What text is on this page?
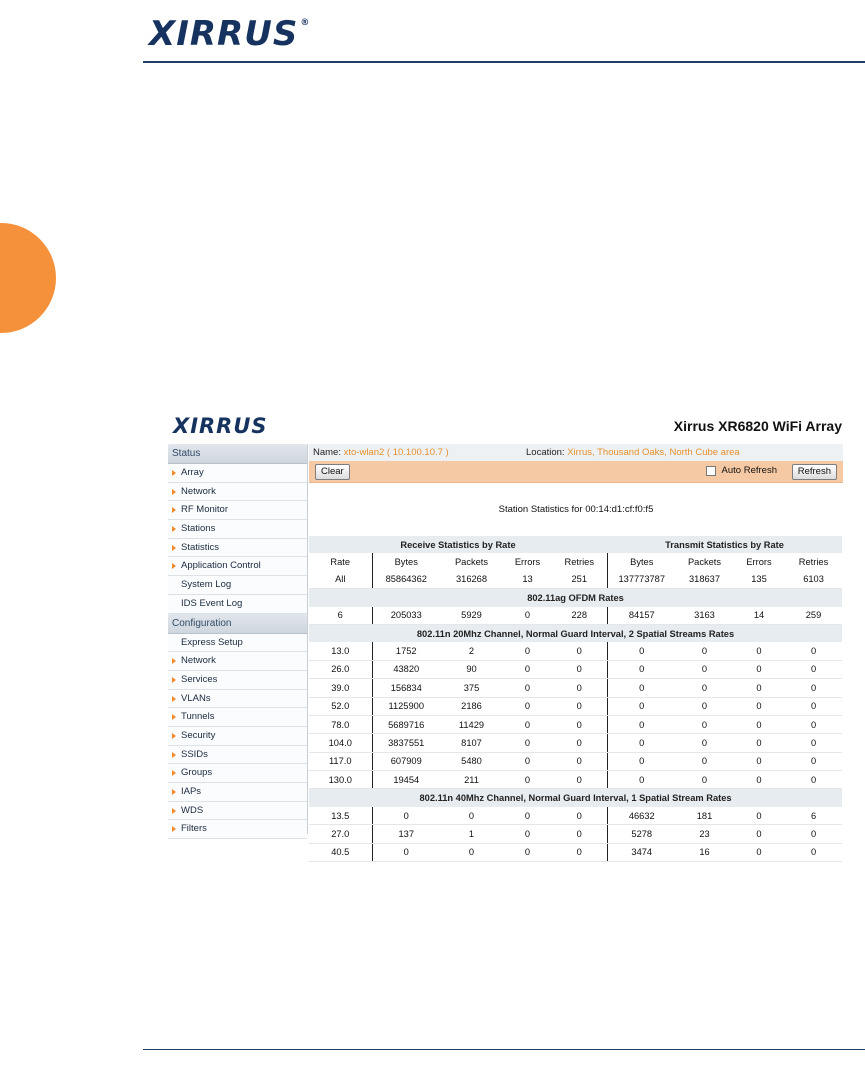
XIRRUS ®
XIRRUS	Xirrus XR6820 WiFi Array
Status
Array
Network
RF Monitor
Stations
Statistics
Application Control
System Log
IDS Event Log
Configuration
Express Setup
Network
Services
VLANs
Tunnels
Security
SSIDs
Groups
IAPs
WDS
Filters
Name: xto-wlan2 ( 10.100.10.7 )	Location: Xirrus, Thousand Oaks, North Cube area
Clear	Auto Refresh	Refresh
Station Statistics for 00:14:d1:cf:f0:f5
Receive Statistics by Rate					Transmit Statistics by Rate			
Rate	Bytes	Packets	Errors	Retries	Bytes	Packets	Errors	Retries
All	85864362	316268	13	251	137773787	318637	135	6103
802.11ag OFDM Rates								
6	205033	5929	0	228	84157	3163	14	259
802.11n 20Mhz Channel, Normal Guard Interval, 2 Spatial Streams Rates								
13.0	1752	2	0	0	0	0	0	0
26.0	43820	90	0	0	0	0	0	0
39.0	156834	375	0	0	0	0	0	0
52.0	1125900	2186	0	0	0	0	0	0
78.0	5689716	11429	0	0	0	0	0	0
104.0	3837551	8107	0	0	0	0	0	0
117.0	607909	5480	0	0	0	0	0	0
130.0	19454	211	0	0	0	0	0	0
802.11n 40Mhz Channel, Normal Guard Interval, 1 Spatial Stream Rates								
13.5	0	0	0	0	46632	181	0	6
27.0	137	1	0	0	5278	23	0	0
40.5	0	0	0	0	3474	16	0	0
